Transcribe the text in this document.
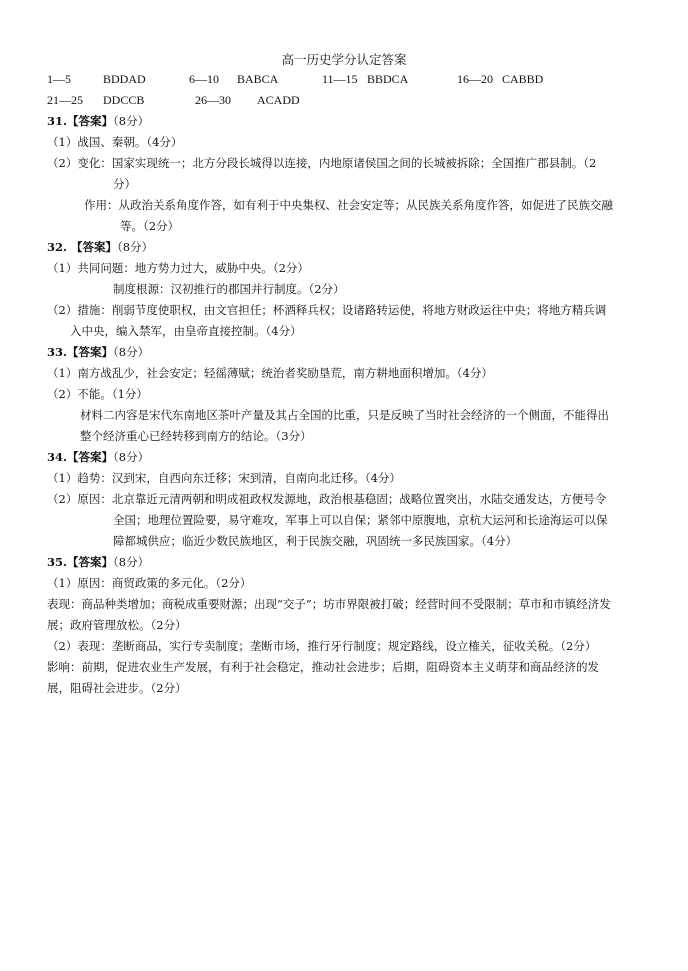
高一历史学分认定答案
1—5	BDDAD	6—10 BABCA	11—15 BBDCA	16—20 CABBD
21—25 DDCCB	26—30 ACADD
31.【答案】（8分）
（1）战国、秦朝。（4分）
（2）变化：国家实现统一；北方分段长城得以连接，内地原诸侯国之间的长城被拆除；全国推广郡县制。（2
分）
作用：从政治关系角度作答，如有利于中央集权、社会安定等；从民族关系角度作答，如促进了民族交融
等。（2分）
32. 【答案】（8分）
（1）共同问题：地方势力过大，威胁中央。（2分）
制度根源：汉初推行的郡国并行制度。（2分）
（2）措施：削弱节度使职权，由文官担任；杯酒释兵权；设诸路转运使，将地方财政运往中央；将地方精兵调
入中央，编入禁军，由皇帝直接控制。（4分）
33.【答案】（8分）
（1）南方战乱少，社会安定；轻徭薄赋；统治者奖励垦荒，南方耕地面积增加。（4分）
（2）不能。（1分）
材料二内容是宋代东南地区茶叶产量及其占全国的比重，只是反映了当时社会经济的一个侧面，不能得出
整个经济重心已经转移到南方的结论。（3分）
34.【答案】（8分）
（1）趋势：汉到宋，自西向东迁移；宋到清，自南向北迁移。（4分）
（2）原因：北京靠近元清两朝和明成祖政权发源地，政治根基稳固；战略位置突出，水陆交通发达，方便号令
全国；地理位置险要，易守难攻，军事上可以自保；紧邻中原腹地，京杭大运河和长途海运可以保
障都城供应；临近少数民族地区，利于民族交融，巩固统一多民族国家。（4分）
35.【答案】（8分）
（1）原因：商贸政策的多元化。（2分）
表现：商品种类增加；商税成重要财源；出现“交子”；坊市界限被打破；经营时间不受限制；草市和市镇经济发
展；政府管理放松。（2分）
（2）表现：垄断商品，实行专卖制度；垄断市场，推行牙行制度；规定路线，设立榷关，征收关税。（2分）
影响：前期，促进农业生产发展，有利于社会稳定，推动社会进步；后期，阻碍资本主义萌芽和商品经济的发
展，阻碍社会进步。（2分）
